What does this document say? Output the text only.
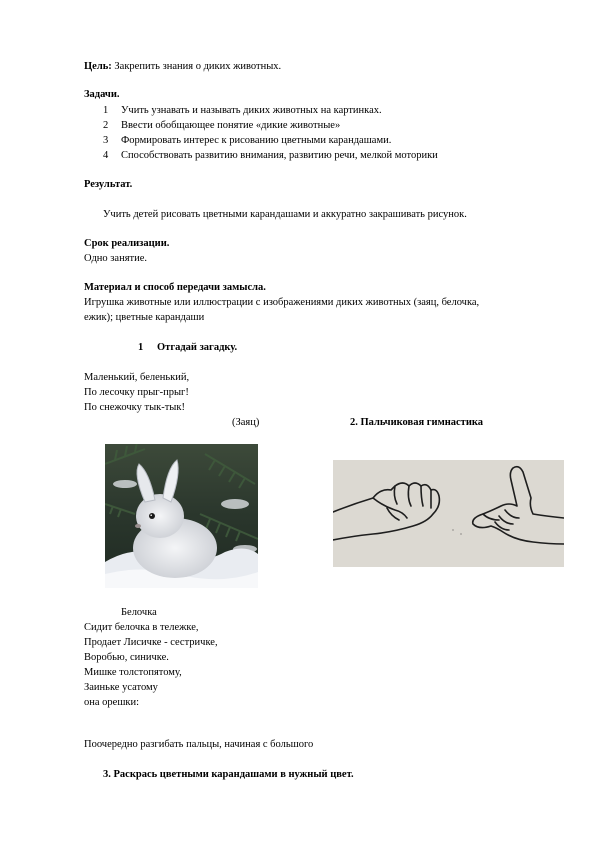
Цель: Закрепить знания о диких животных.
Задачи.
1 Учить узнавать и называть диких животных на картинках.
2 Ввести обобщающее понятие «дикие животные»
3 Формировать интерес к рисованию цветными карандашами.
4 Способствовать развитию внимания, развитию речи, мелкой моторики
Результат.
Учить детей рисовать цветными карандашами и аккуратно закрашивать рисунок.
Срок реализации.
Одно занятие.
Материал и способ передачи замысла.
Игрушка животные или иллюстрации с изображениями диких животных (заяц, белочка,
ежик); цветные карандаши
1 Отгадай загадку.
Маленький, беленький,
По лесочку прыг-прыг!
По снежочку тык-тык!
(Заяц)	2. Пальчиковая гимнастика
Белочка
Сидит белочка в тележке,
Продает Лисичке - сестричке,
Воробью, синичке.
Мишке толстопятому,
Заиньке усатому
она орешки:
Поочередно разгибать пальцы, начиная с большого
3. Раскрась цветными карандашами в нужный цвет.
